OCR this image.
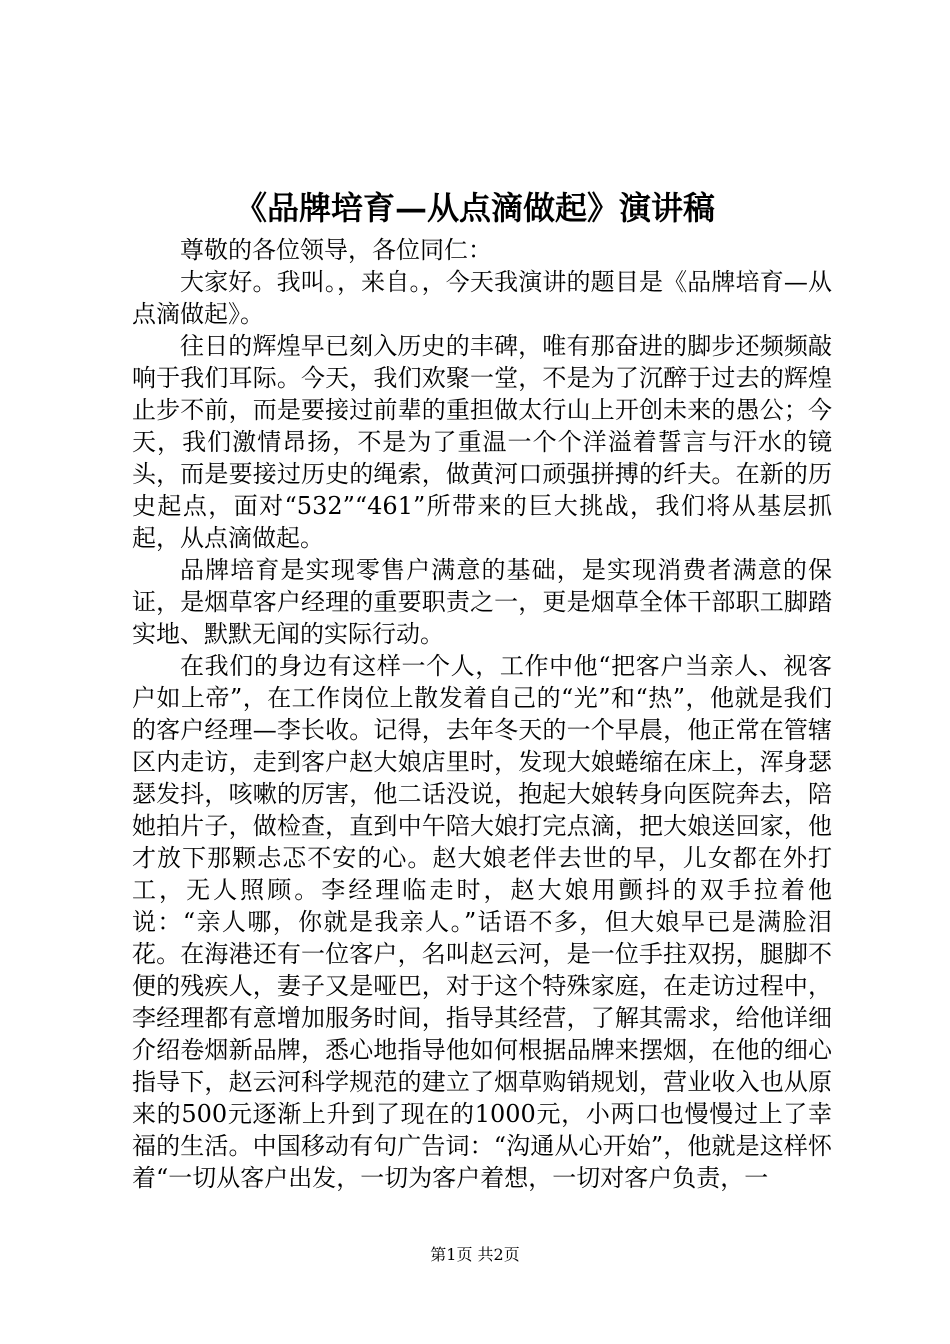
《品牌培育—从点滴做起》演讲稿

尊敬的各位领导，各位同仁：

大家好。我叫。，来自。，今天我演讲的题目是《品牌培育—从点滴做起》。

往日的辉煌早已刻入历史的丰碑，唯有那奋进的脚步还频频敲响于我们耳际。今天，我们欢聚一堂，不是为了沉醉于过去的辉煌止步不前，而是要接过前辈的重担做太行山上开创未来的愚公；今天，我们激情昂扬，不是为了重温一个个洋溢着誓言与汗水的镜头，而是要接过历史的绳索，做黄河口顽强拼搏的纤夫。在新的历史起点，面对“532”“461”所带来的巨大挑战，我们将从基层抓起，从点滴做起。

品牌培育是实现零售户满意的基础，是实现消费者满意的保证，是烟草客户经理的重要职责之一，更是烟草全体干部职工脚踏实地、默默无闻的实际行动。

在我们的身边有这样一个人，工作中他“把客户当亲人、视客户如上帝”，在工作岗位上散发着自己的“光”和“热”，他就是我们的客户经理—李长收。记得，去年冬天的一个早晨，他正常在管辖区内走访，走到客户赵大娘店里时，发现大娘蜷缩在床上，浑身瑟瑟发抖，咳嗽的厉害，他二话没说，抱起大娘转身向医院奔去，陪她拍片子，做检查，直到中午陪大娘打完点滴，把大娘送回家，他才放下那颗忐忑不安的心。赵大娘老伴去世的早，儿女都在外打工，无人照顾。李经理临走时，赵大娘用颤抖的双手拉着他说：“亲人哪，你就是我亲人。”话语不多，但大娘早已是满脸泪花。在海港还有一位客户，名叫赵云河，是一位手拄双拐，腿脚不便的残疾人，妻子又是哑巴，对于这个特殊家庭，在走访过程中，李经理都有意增加服务时间，指导其经营，了解其需求，给他详细介绍卷烟新品牌，悉心地指导他如何根据品牌来摆烟，在他的细心指导下，赵云河科学规范的建立了烟草购销规划，营业收入也从原来的500元逐渐上升到了现在的1000元，小两口也慢慢过上了幸福的生活。中国移动有句广告词：“沟通从心开始”，他就是这样怀着“一切从客户出发，一切为客户着想，一切对客户负责，一

第1页 共2页
